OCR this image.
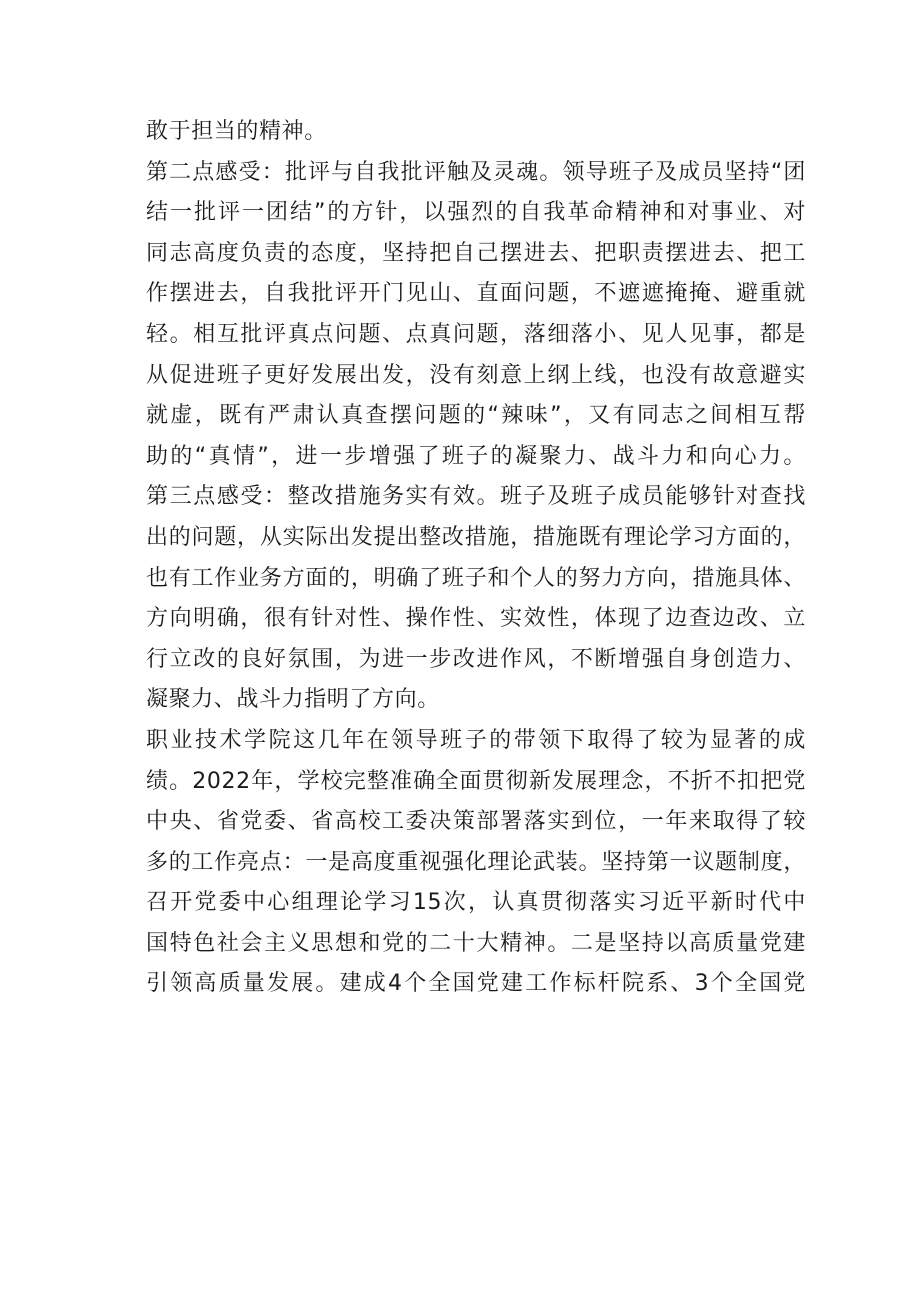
敢于担当的精神。
第二点感受：批评与自我批评触及灵魂。领导班子及成员坚持“团
结一批评一团结”的方针，以强烈的自我革命精神和对事业、对
同志高度负责的态度，坚持把自己摆进去、把职责摆进去、把工
作摆进去，自我批评开门见山、直面问题，不遮遮掩掩、避重就
轻。相互批评真点问题、点真问题，落细落小、见人见事，都是
从促进班子更好发展出发，没有刻意上纲上线，也没有故意避实
就虚，既有严肃认真查摆问题的“辣味”，又有同志之间相互帮
助的“真情”，进一步增强了班子的凝聚力、战斗力和向心力。
第三点感受：整改措施务实有效。班子及班子成员能够针对查找
出的问题，从实际出发提出整改措施，措施既有理论学习方面的，
也有工作业务方面的，明确了班子和个人的努力方向，措施具体、
方向明确，很有针对性、操作性、实效性，体现了边查边改、立
行立改的良好氛围，为进一步改进作风，不断增强自身创造力、
凝聚力、战斗力指明了方向。
职业技术学院这几年在领导班子的带领下取得了较为显著的成
绩。2022年，学校完整准确全面贯彻新发展理念，不折不扣把党
中央、省党委、省高校工委决策部署落实到位，一年来取得了较
多的工作亮点：一是高度重视强化理论武装。坚持第一议题制度，
召开党委中心组理论学习15次，认真贯彻落实习近平新时代中
国特色社会主义思想和党的二十大精神。二是坚持以高质量党建
引领高质量发展。建成4个全国党建工作标杆院系、3个全国党
